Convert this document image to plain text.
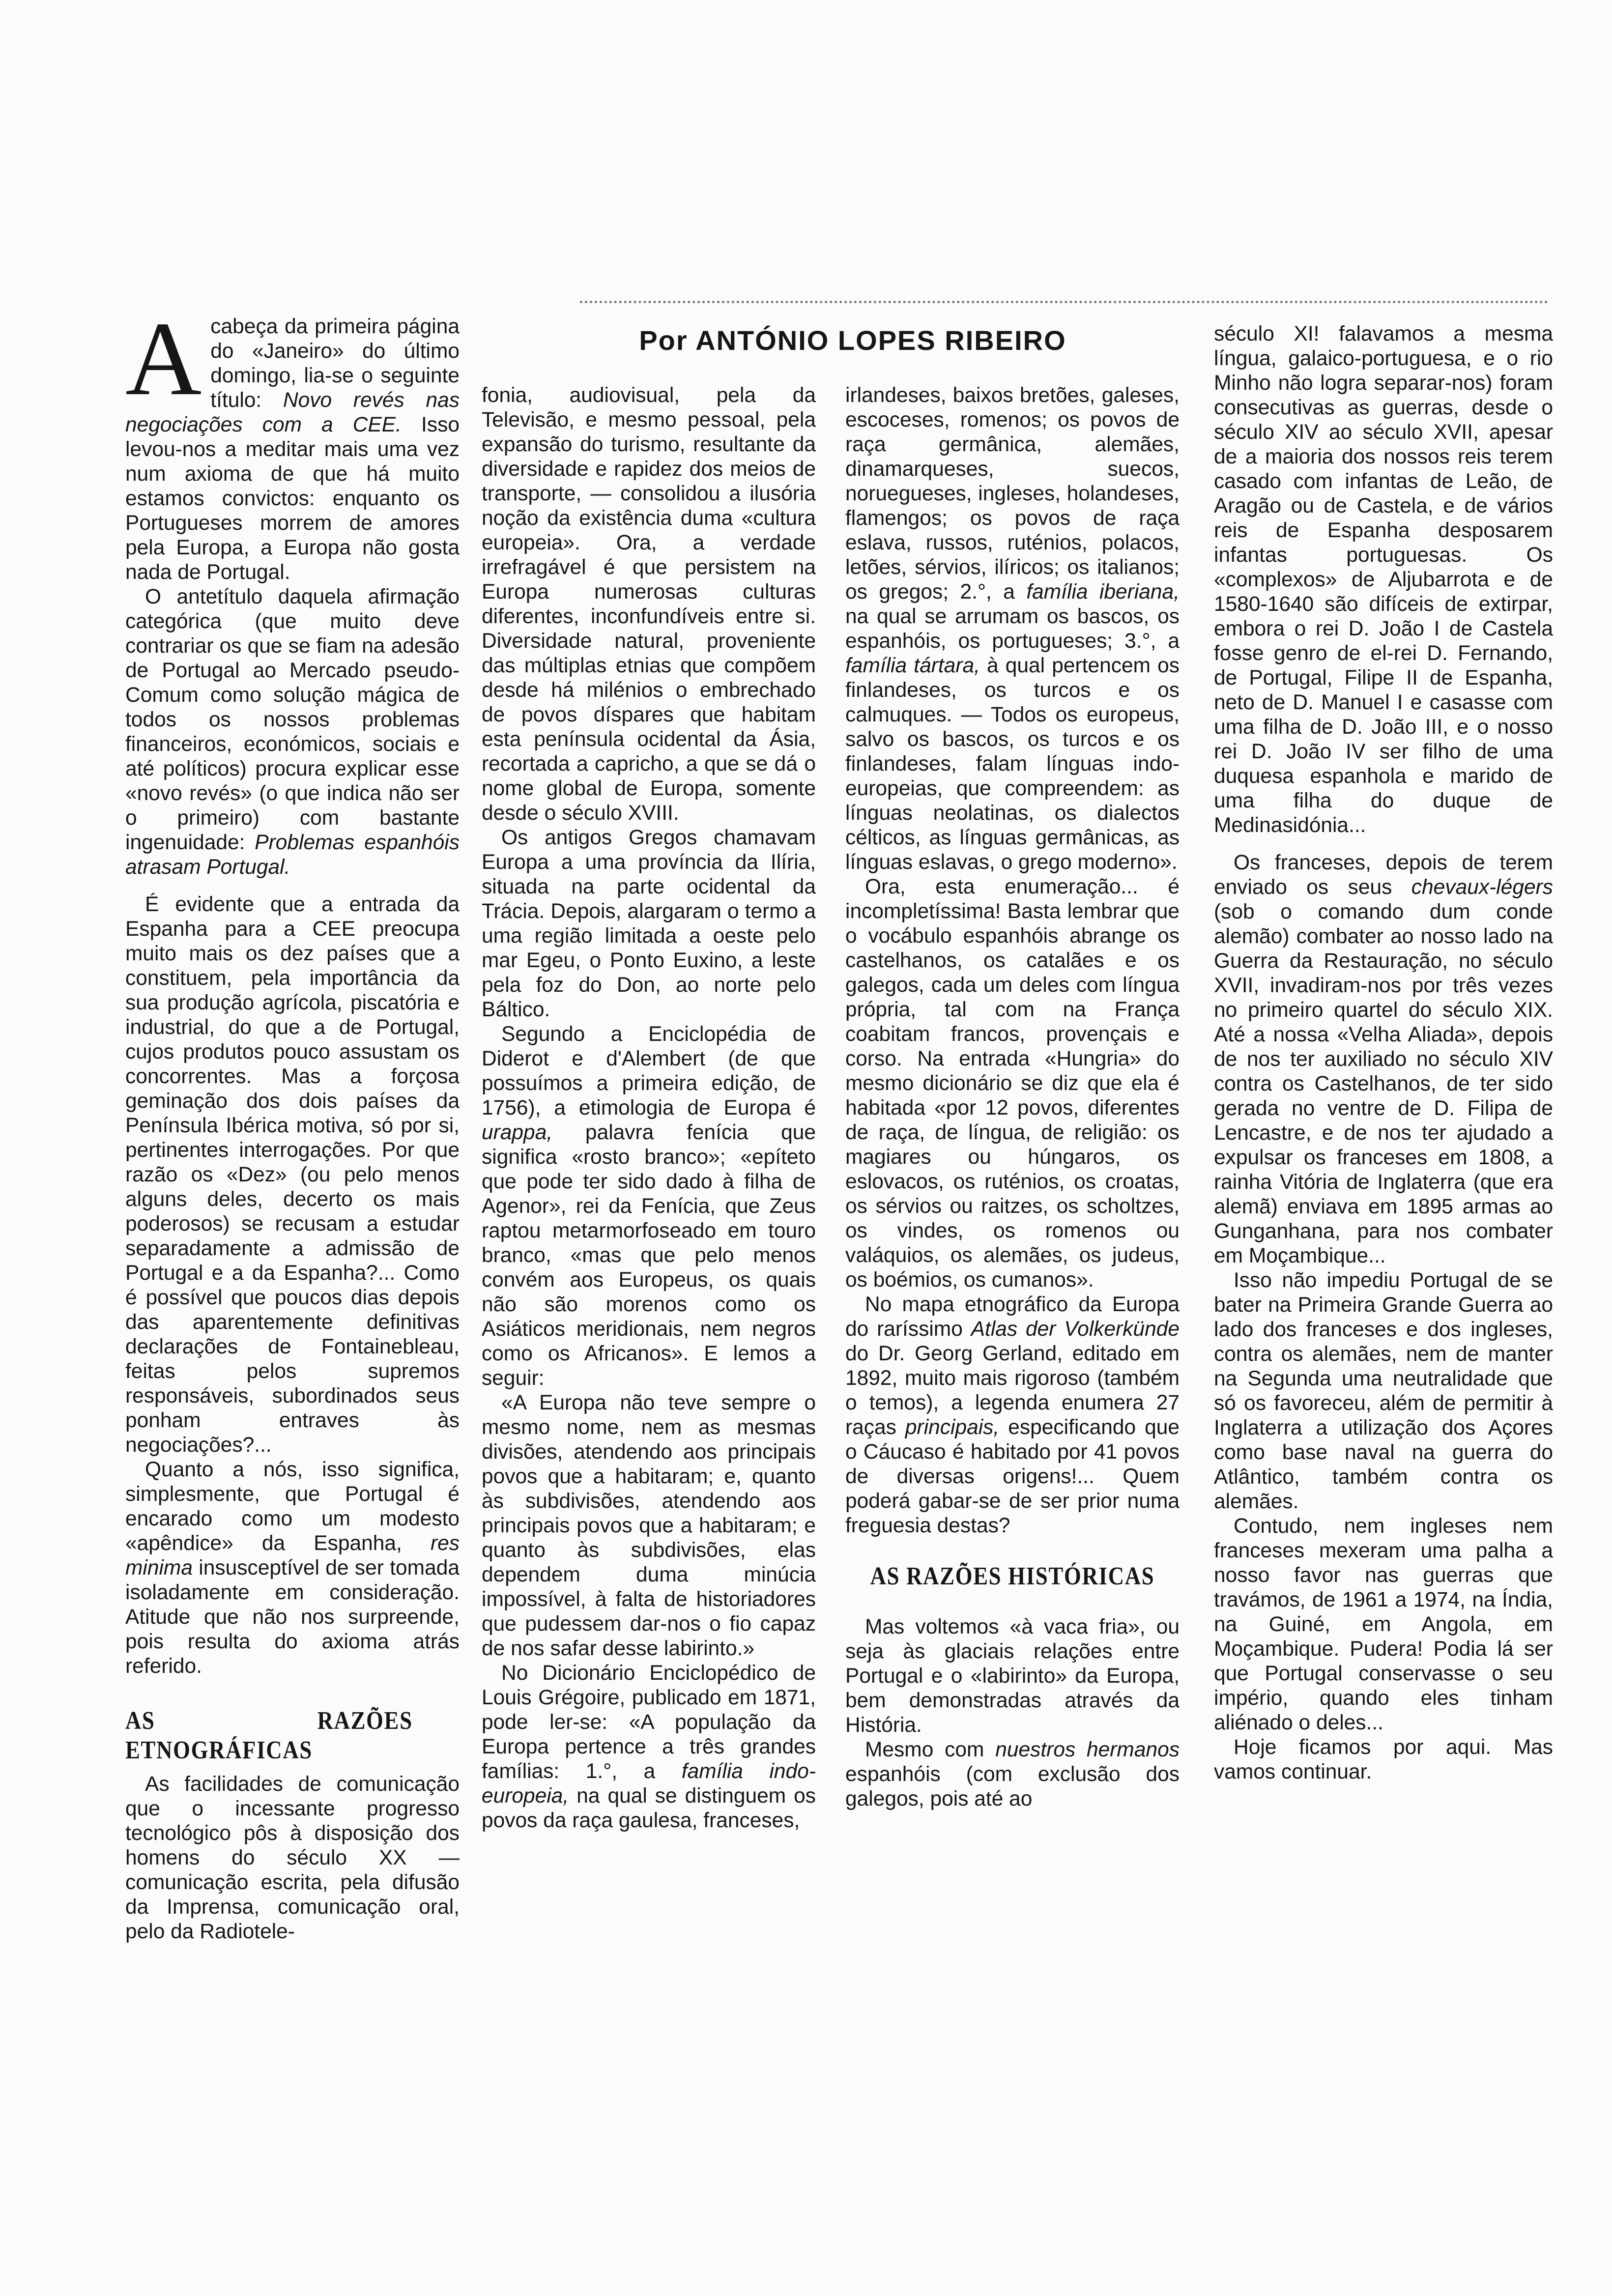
Por ANTÓNIO LOPES RIBEIRO

Acabeça da primeira página do «Janeiro» do último domingo, lia-se o seguinte título: Novo revés nas negociações com a CEE. Isso levou-nos a meditar mais uma vez num axioma de que há muito estamos convictos: enquanto os Portugueses morrem de amores pela Europa, a Europa não gosta nada de Portugal.

O antetítulo daquela afirmação categórica (que muito deve contrariar os que se fiam na adesão de Portugal ao Mercado pseudo-Comum como solução mágica de todos os nossos problemas financeiros, económicos, sociais e até políticos) procura explicar esse «novo revés» (o que indica não ser o primeiro) com bastante ingenuidade: Problemas espanhóis atrasam Portugal.

É evidente que a entrada da Espanha para a CEE preocupa muito mais os dez países que a constituem, pela importância da sua produção agrícola, piscatória e industrial, do que a de Portugal, cujos produtos pouco assustam os concorrentes. Mas a forçosa geminação dos dois países da Península Ibérica motiva, só por si, pertinentes interrogações. Por que razão os «Dez» (ou pelo menos alguns deles, decerto os mais poderosos) se recusam a estudar separadamente a admissão de Portugal e a da Espanha?... Como é possível que poucos dias depois das aparentemente definitivas declarações de Fontainebleau, feitas pelos supremos responsáveis, subordinados seus ponham entraves às negociações?...

Quanto a nós, isso significa, simplesmente, que Portugal é encarado como um modesto «apêndice» da Espanha, res minima insusceptível de ser tomada isoladamente em consideração. Atitude que não nos surpreende, pois resulta do axioma atrás referido.

AS RAZÕES ETNOGRÁFICAS

As facilidades de comunicação que o incessante progresso tecnológico pôs à disposição dos homens do século XX — comunicação escrita, pela difusão da Imprensa, comunicação oral, pelo da Radiotele-

fonia, audiovisual, pela da Televisão, e mesmo pessoal, pela expansão do turismo, resultante da diversidade e rapidez dos meios de transporte, — consolidou a ilusória noção da existência duma «cultura europeia». Ora, a verdade irrefragável é que persistem na Europa numerosas culturas diferentes, inconfundíveis entre si. Diversidade natural, proveniente das múltiplas etnias que compõem desde há milénios o embrechado de povos díspares que habitam esta península ocidental da Ásia, recortada a capricho, a que se dá o nome global de Europa, somente desde o século XVIII.

Os antigos Gregos chamavam Europa a uma província da Ilíria, situada na parte ocidental da Trácia. Depois, alargaram o termo a uma região limitada a oeste pelo mar Egeu, o Ponto Euxino, a leste pela foz do Don, ao norte pelo Báltico.

Segundo a Enciclopédia de Diderot e d'Alembert (de que possuímos a primeira edição, de 1756), a etimologia de Europa é urappa, palavra fenícia que significa «rosto branco»; «epíteto que pode ter sido dado à filha de Agenor», rei da Fenícia, que Zeus raptou metarmorfoseado em touro branco, «mas que pelo menos convém aos Europeus, os quais não são morenos como os Asiáticos meridionais, nem negros como os Africanos». E lemos a seguir:

«A Europa não teve sempre o mesmo nome, nem as mesmas divisões, atendendo aos principais povos que a habitaram; e, quanto às subdivisões, atendendo aos principais povos que a habitaram; e quanto às subdivisões, elas dependem duma minúcia impossível, à falta de historiadores que pudessem dar-nos o fio capaz de nos safar desse labirinto.»

No Dicionário Enciclopédico de Louis Grégoire, publicado em 1871, pode ler-se: «A população da Europa pertence a três grandes famílias: 1.°, a família indo-europeia, na qual se distinguem os povos da raça gaulesa, franceses,

irlandeses, baixos bretões, galeses, escoceses, romenos; os povos de raça germânica, alemães, dinamarqueses, suecos, noruegueses, ingleses, holandeses, flamengos; os povos de raça eslava, russos, ruténios, polacos, letões, sérvios, ilíricos; os italianos; os gregos; 2.°, a família iberiana, na qual se arrumam os bascos, os espanhóis, os portugueses; 3.°, a família tártara, à qual pertencem os finlandeses, os turcos e os calmuques. — Todos os europeus, salvo os bascos, os turcos e os finlandeses, falam línguas indo-europeias, que compreendem: as línguas neolatinas, os dialectos célticos, as línguas germânicas, as línguas eslavas, o grego moderno».

Ora, esta enumeração... é incompletíssima! Basta lembrar que o vocábulo espanhóis abrange os castelhanos, os catalães e os galegos, cada um deles com língua própria, tal com na França coabitam francos, provençais e corso. Na entrada «Hungria» do mesmo dicionário se diz que ela é habitada «por 12 povos, diferentes de raça, de língua, de religião: os magiares ou húngaros, os eslovacos, os ruténios, os croatas, os sérvios ou raitzes, os scholtzes, os vindes, os romenos ou valáquios, os alemães, os judeus, os boémios, os cumanos».

No mapa etnográfico da Europa do raríssimo Atlas der Volkerkünde do Dr. Georg Gerland, editado em 1892, muito mais rigoroso (também o temos), a legenda enumera 27 raças principais, especificando que o Cáucaso é habitado por 41 povos de diversas origens!... Quem poderá gabar-se de ser prior numa freguesia destas?

AS RAZÕES HISTÓRICAS

Mas voltemos «à vaca fria», ou seja às glaciais relações entre Portugal e o «labirinto» da Europa, bem demonstradas através da História.

Mesmo com nuestros hermanos espanhóis (com exclusão dos galegos, pois até ao

século XI! falavamos a mesma língua, galaico-portuguesa, e o rio Minho não logra separar-nos) foram consecutivas as guerras, desde o século XIV ao século XVII, apesar de a maioria dos nossos reis terem casado com infantas de Leão, de Aragão ou de Castela, e de vários reis de Espanha desposarem infantas portuguesas. Os «complexos» de Aljubarrota e de 1580-1640 são difíceis de extirpar, embora o rei D. João I de Castela fosse genro de el-rei D. Fernando, de Portugal, Filipe II de Espanha, neto de D. Manuel I e casasse com uma filha de D. João III, e o nosso rei D. João IV ser filho de uma duquesa espanhola e marido de uma filha do duque de Medinasidónia...

Os franceses, depois de terem enviado os seus chevaux-légers (sob o comando dum conde alemão) combater ao nosso lado na Guerra da Restauração, no século XVII, invadiram-nos por três vezes no primeiro quartel do século XIX. Até a nossa «Velha Aliada», depois de nos ter auxiliado no século XIV contra os Castelhanos, de ter sido gerada no ventre de D. Filipa de Lencastre, e de nos ter ajudado a expulsar os franceses em 1808, a rainha Vitória de Inglaterra (que era alemã) enviava em 1895 armas ao Gunganhana, para nos combater em Moçambique...

Isso não impediu Portugal de se bater na Primeira Grande Guerra ao lado dos franceses e dos ingleses, contra os alemães, nem de manter na Segunda uma neutralidade que só os favoreceu, além de permitir à Inglaterra a utilização dos Açores como base naval na guerra do Atlântico, também contra os alemães.

Contudo, nem ingleses nem franceses mexeram uma palha a nosso favor nas guerras que travámos, de 1961 a 1974, na Índia, na Guiné, em Angola, em Moçambique. Pudera! Podia lá ser que Portugal conservasse o seu império, quando eles tinham aliénado o deles...

Hoje ficamos por aqui. Mas vamos continuar.
